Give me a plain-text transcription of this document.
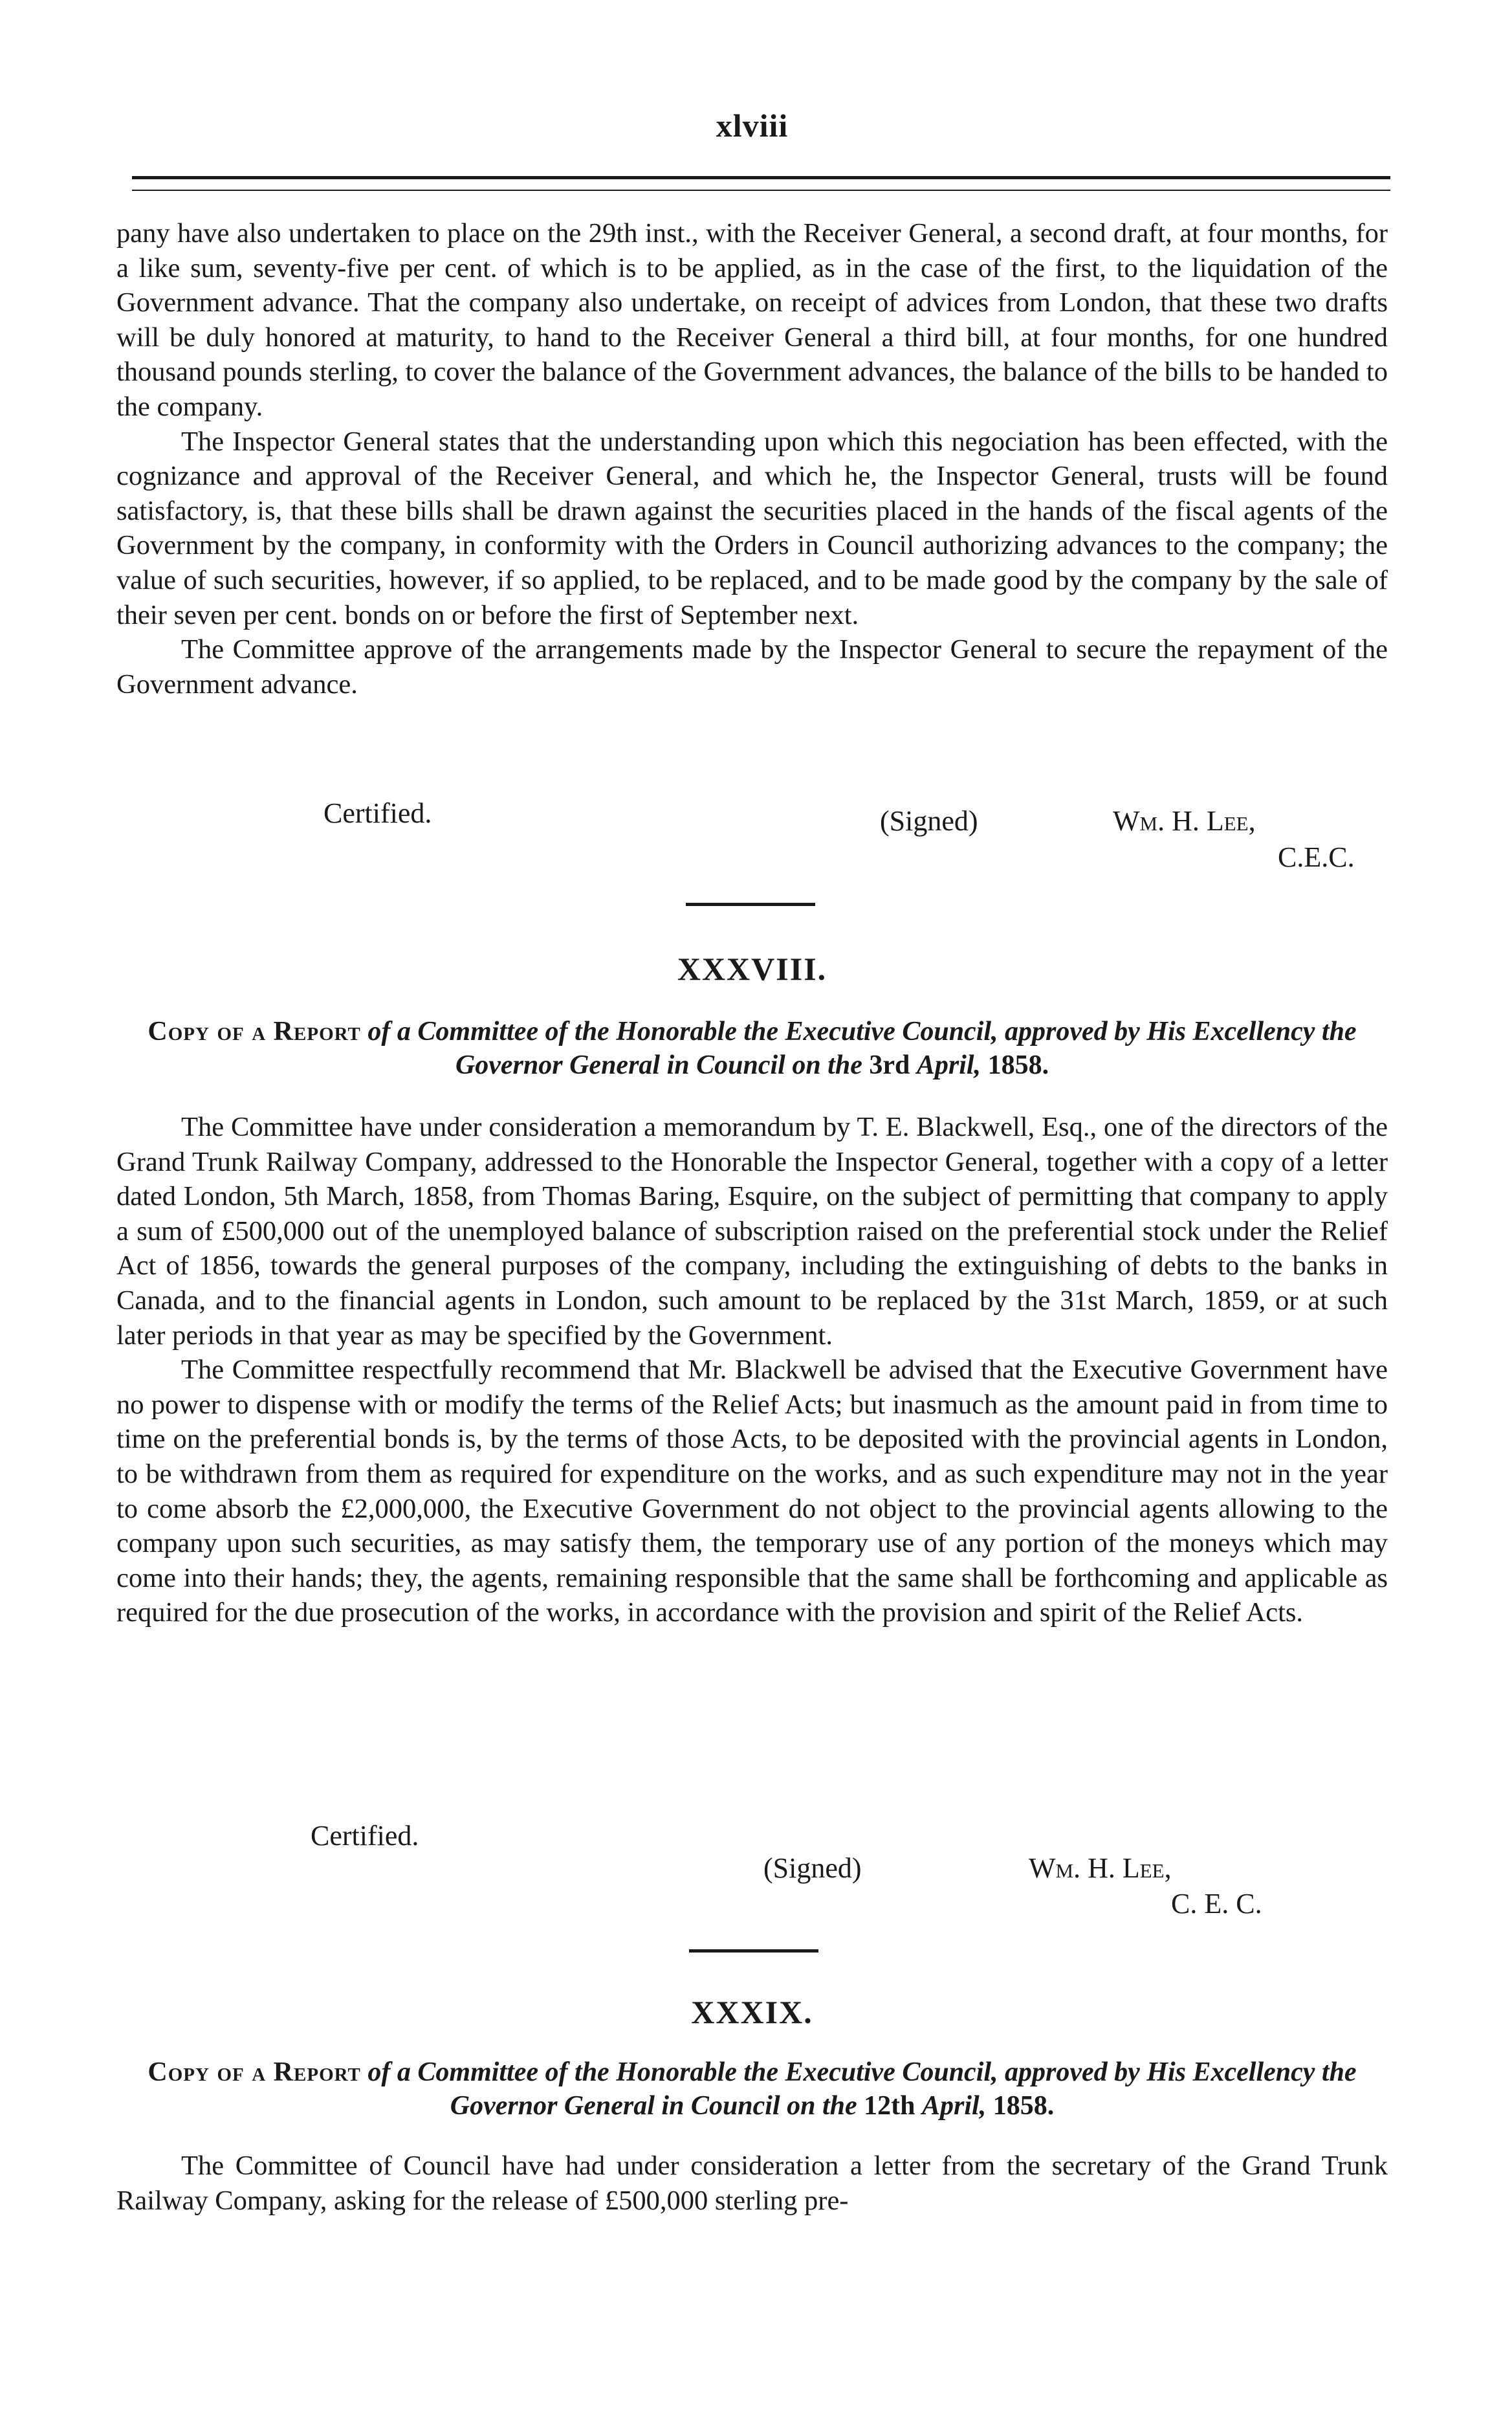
xlviii

pany have also undertaken to place on the 29th inst., with the Receiver General, a second draft, at four months, for a like sum, seventy-five per cent. of which is to be applied, as in the case of the first, to the liquidation of the Government advance. That the company also undertake, on receipt of advices from London, that these two drafts will be duly honored at maturity, to hand to the Receiver General a third bill, at four months, for one hundred thousand pounds sterling, to cover the balance of the Government advances, the balance of the bills to be handed to the company.

The Inspector General states that the understanding upon which this negociation has been effected, with the cognizance and approval of the Receiver General, and which he, the Inspector General, trusts will be found satisfactory, is, that these bills shall be drawn against the securities placed in the hands of the fiscal agents of the Government by the company, in conformity with the Orders in Council authorizing advances to the company; the value of such securities, however, if so applied, to be replaced, and to be made good by the company by the sale of their seven per cent. bonds on or before the first of September next.

The Committee approve of the arrangements made by the Inspector General to secure the repayment of the Government advance.

Certified.	(Signed)	Wm. H. Lee,
C.E.C.
XXXVIII.
Copy of a Report of a Committee of the Honorable the Executive Council, approved by His Excellency the Governor General in Council on the 3rd April, 1858.

The Committee have under consideration a memorandum by T. E. Blackwell, Esq., one of the directors of the Grand Trunk Railway Company, addressed to the Honorable the Inspector General, together with a copy of a letter dated London, 5th March, 1858, from Thomas Baring, Esquire, on the subject of permitting that company to apply a sum of £500,000 out of the unemployed balance of subscription raised on the preferential stock under the Relief Act of 1856, towards the general purposes of the company, including the extinguishing of debts to the banks in Canada, and to the financial agents in London, such amount to be replaced by the 31st March, 1859, or at such later periods in that year as may be specified by the Government.

The Committee respectfully recommend that Mr. Blackwell be advised that the Executive Government have no power to dispense with or modify the terms of the Relief Acts; but inasmuch as the amount paid in from time to time on the preferential bonds is, by the terms of those Acts, to be deposited with the provincial agents in London, to be withdrawn from them as required for expenditure on the works, and as such expenditure may not in the year to come absorb the £2,000,000, the Executive Government do not object to the provincial agents allowing to the company upon such securities, as may satisfy them, the temporary use of any portion of the moneys which may come into their hands; they, the agents, remaining responsible that the same shall be forthcoming and applicable as required for the due prosecution of the works, in accordance with the provision and spirit of the Relief Acts.

Certified.
(Signed)	Wm. H. Lee,
C. E. C.
XXXIX.
Copy of a Report of a Committee of the Honorable the Executive Council, approved by His Excellency the Governor General in Council on the 12th April, 1858.

The Committee of Council have had under consideration a letter from the secretary of the Grand Trunk Railway Company, asking for the release of £500,000 sterling pre-
